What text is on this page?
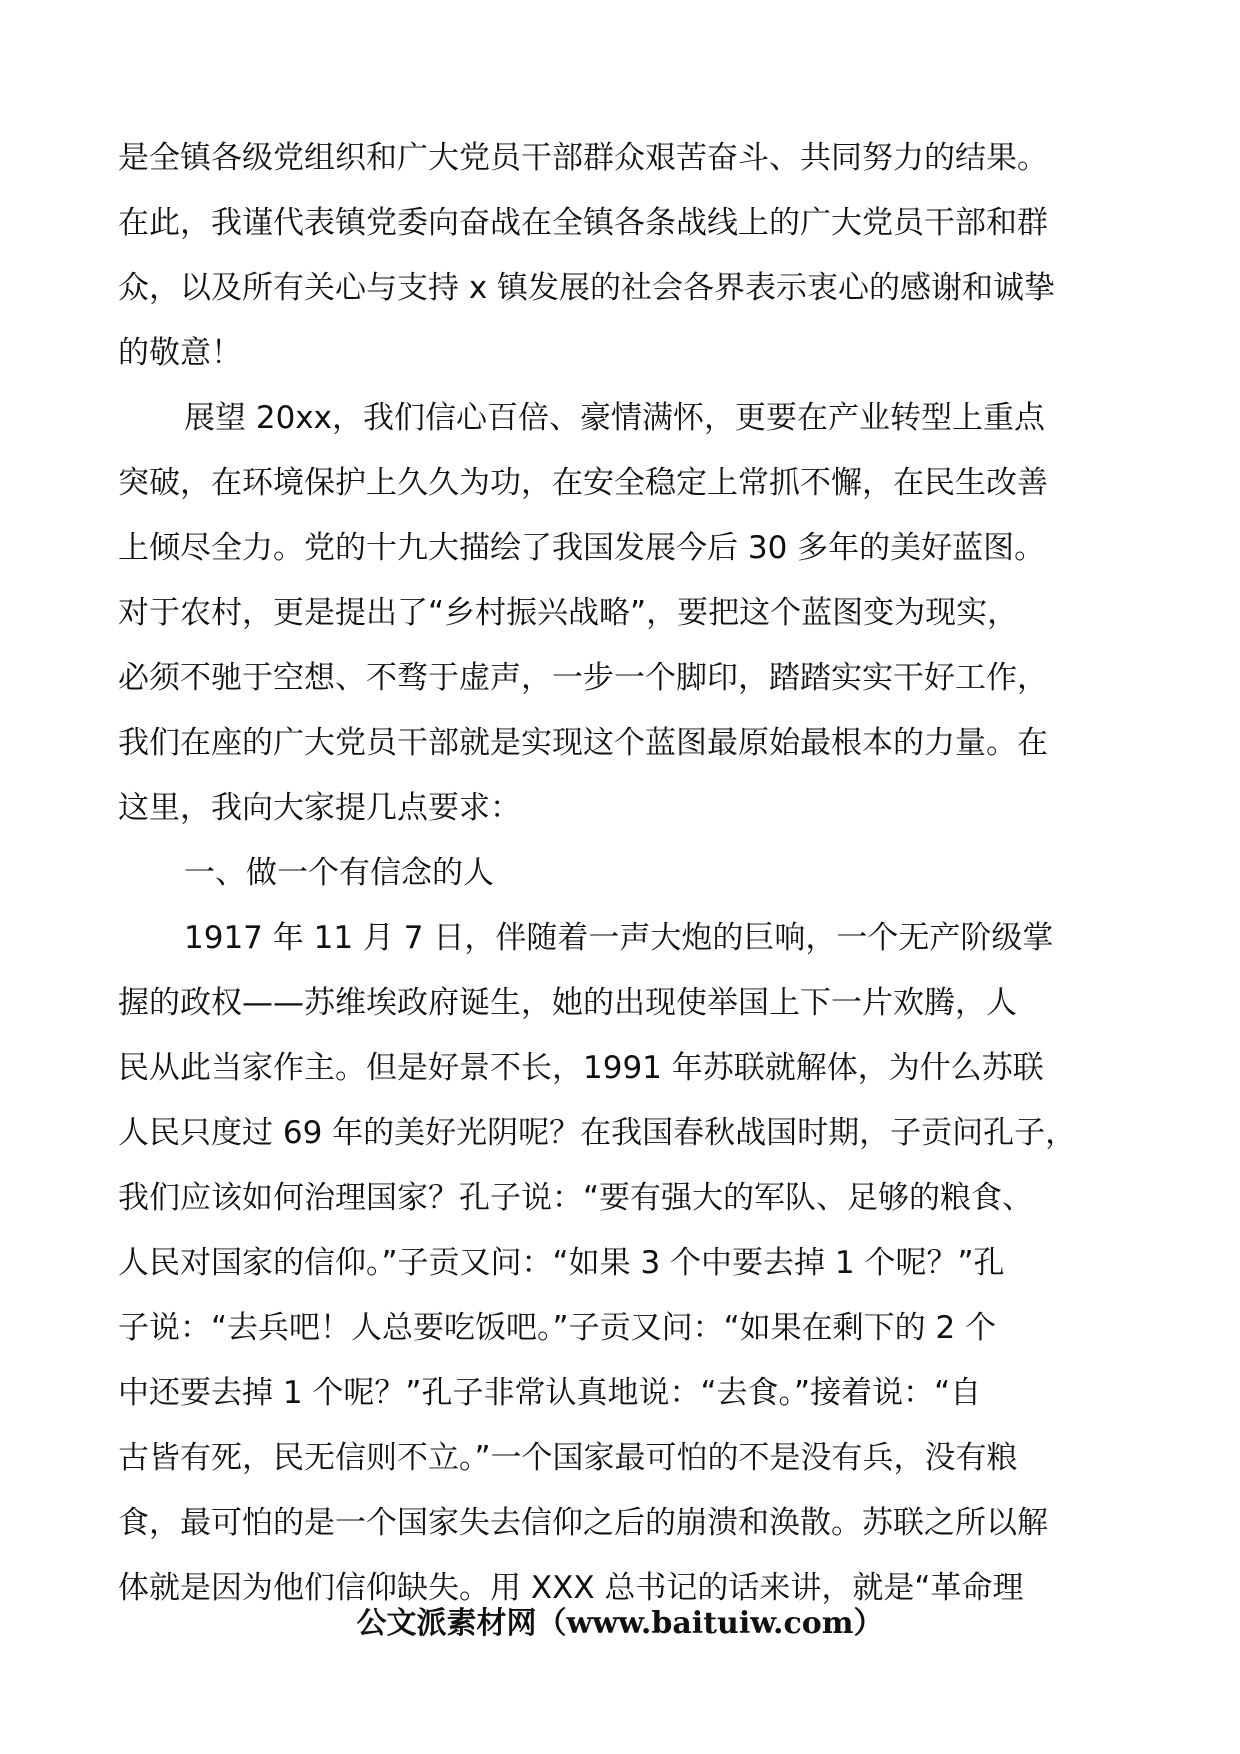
是全镇各级党组织和广大党员干部群众艰苦奋斗、共同努力的结果。
在此，我谨代表镇党委向奋战在全镇各条战线上的广大党员干部和群
众，以及所有关心与支持 x 镇发展的社会各界表示衷心的感谢和诚挚
的敬意！
展望 20xx，我们信心百倍、豪情满怀，更要在产业转型上重点
突破，在环境保护上久久为功，在安全稳定上常抓不懈，在民生改善
上倾尽全力。党的十九大描绘了我国发展今后 30 多年的美好蓝图。
对于农村，更是提出了“乡村振兴战略”，要把这个蓝图变为现实，
必须不驰于空想、不骛于虚声，一步一个脚印，踏踏实实干好工作，
我们在座的广大党员干部就是实现这个蓝图最原始最根本的力量。在
这里，我向大家提几点要求：
一、做一个有信念的人
1917 年 11 月 7 日，伴随着一声大炮的巨响，一个无产阶级掌
握的政权——苏维埃政府诞生，她的出现使举国上下一片欢腾，人
民从此当家作主。但是好景不长，1991 年苏联就解体，为什么苏联
人民只度过 69 年的美好光阴呢？在我国春秋战国时期，子贡问孔子，
我们应该如何治理国家？孔子说：“要有强大的军队、足够的粮食、
人民对国家的信仰。”子贡又问：“如果 3 个中要去掉 1 个呢？”孔
子说：“去兵吧！人总要吃饭吧。”子贡又问：“如果在剩下的 2 个
中还要去掉 1 个呢？”孔子非常认真地说：“去食。”接着说：“自
古皆有死，民无信则不立。”一个国家最可怕的不是没有兵，没有粮
食，最可怕的是一个国家失去信仰之后的崩溃和涣散。苏联之所以解
体就是因为他们信仰缺失。用 XXX 总书记的话来讲，就是“革命理
公文派素材网（www.baituiw.com）
